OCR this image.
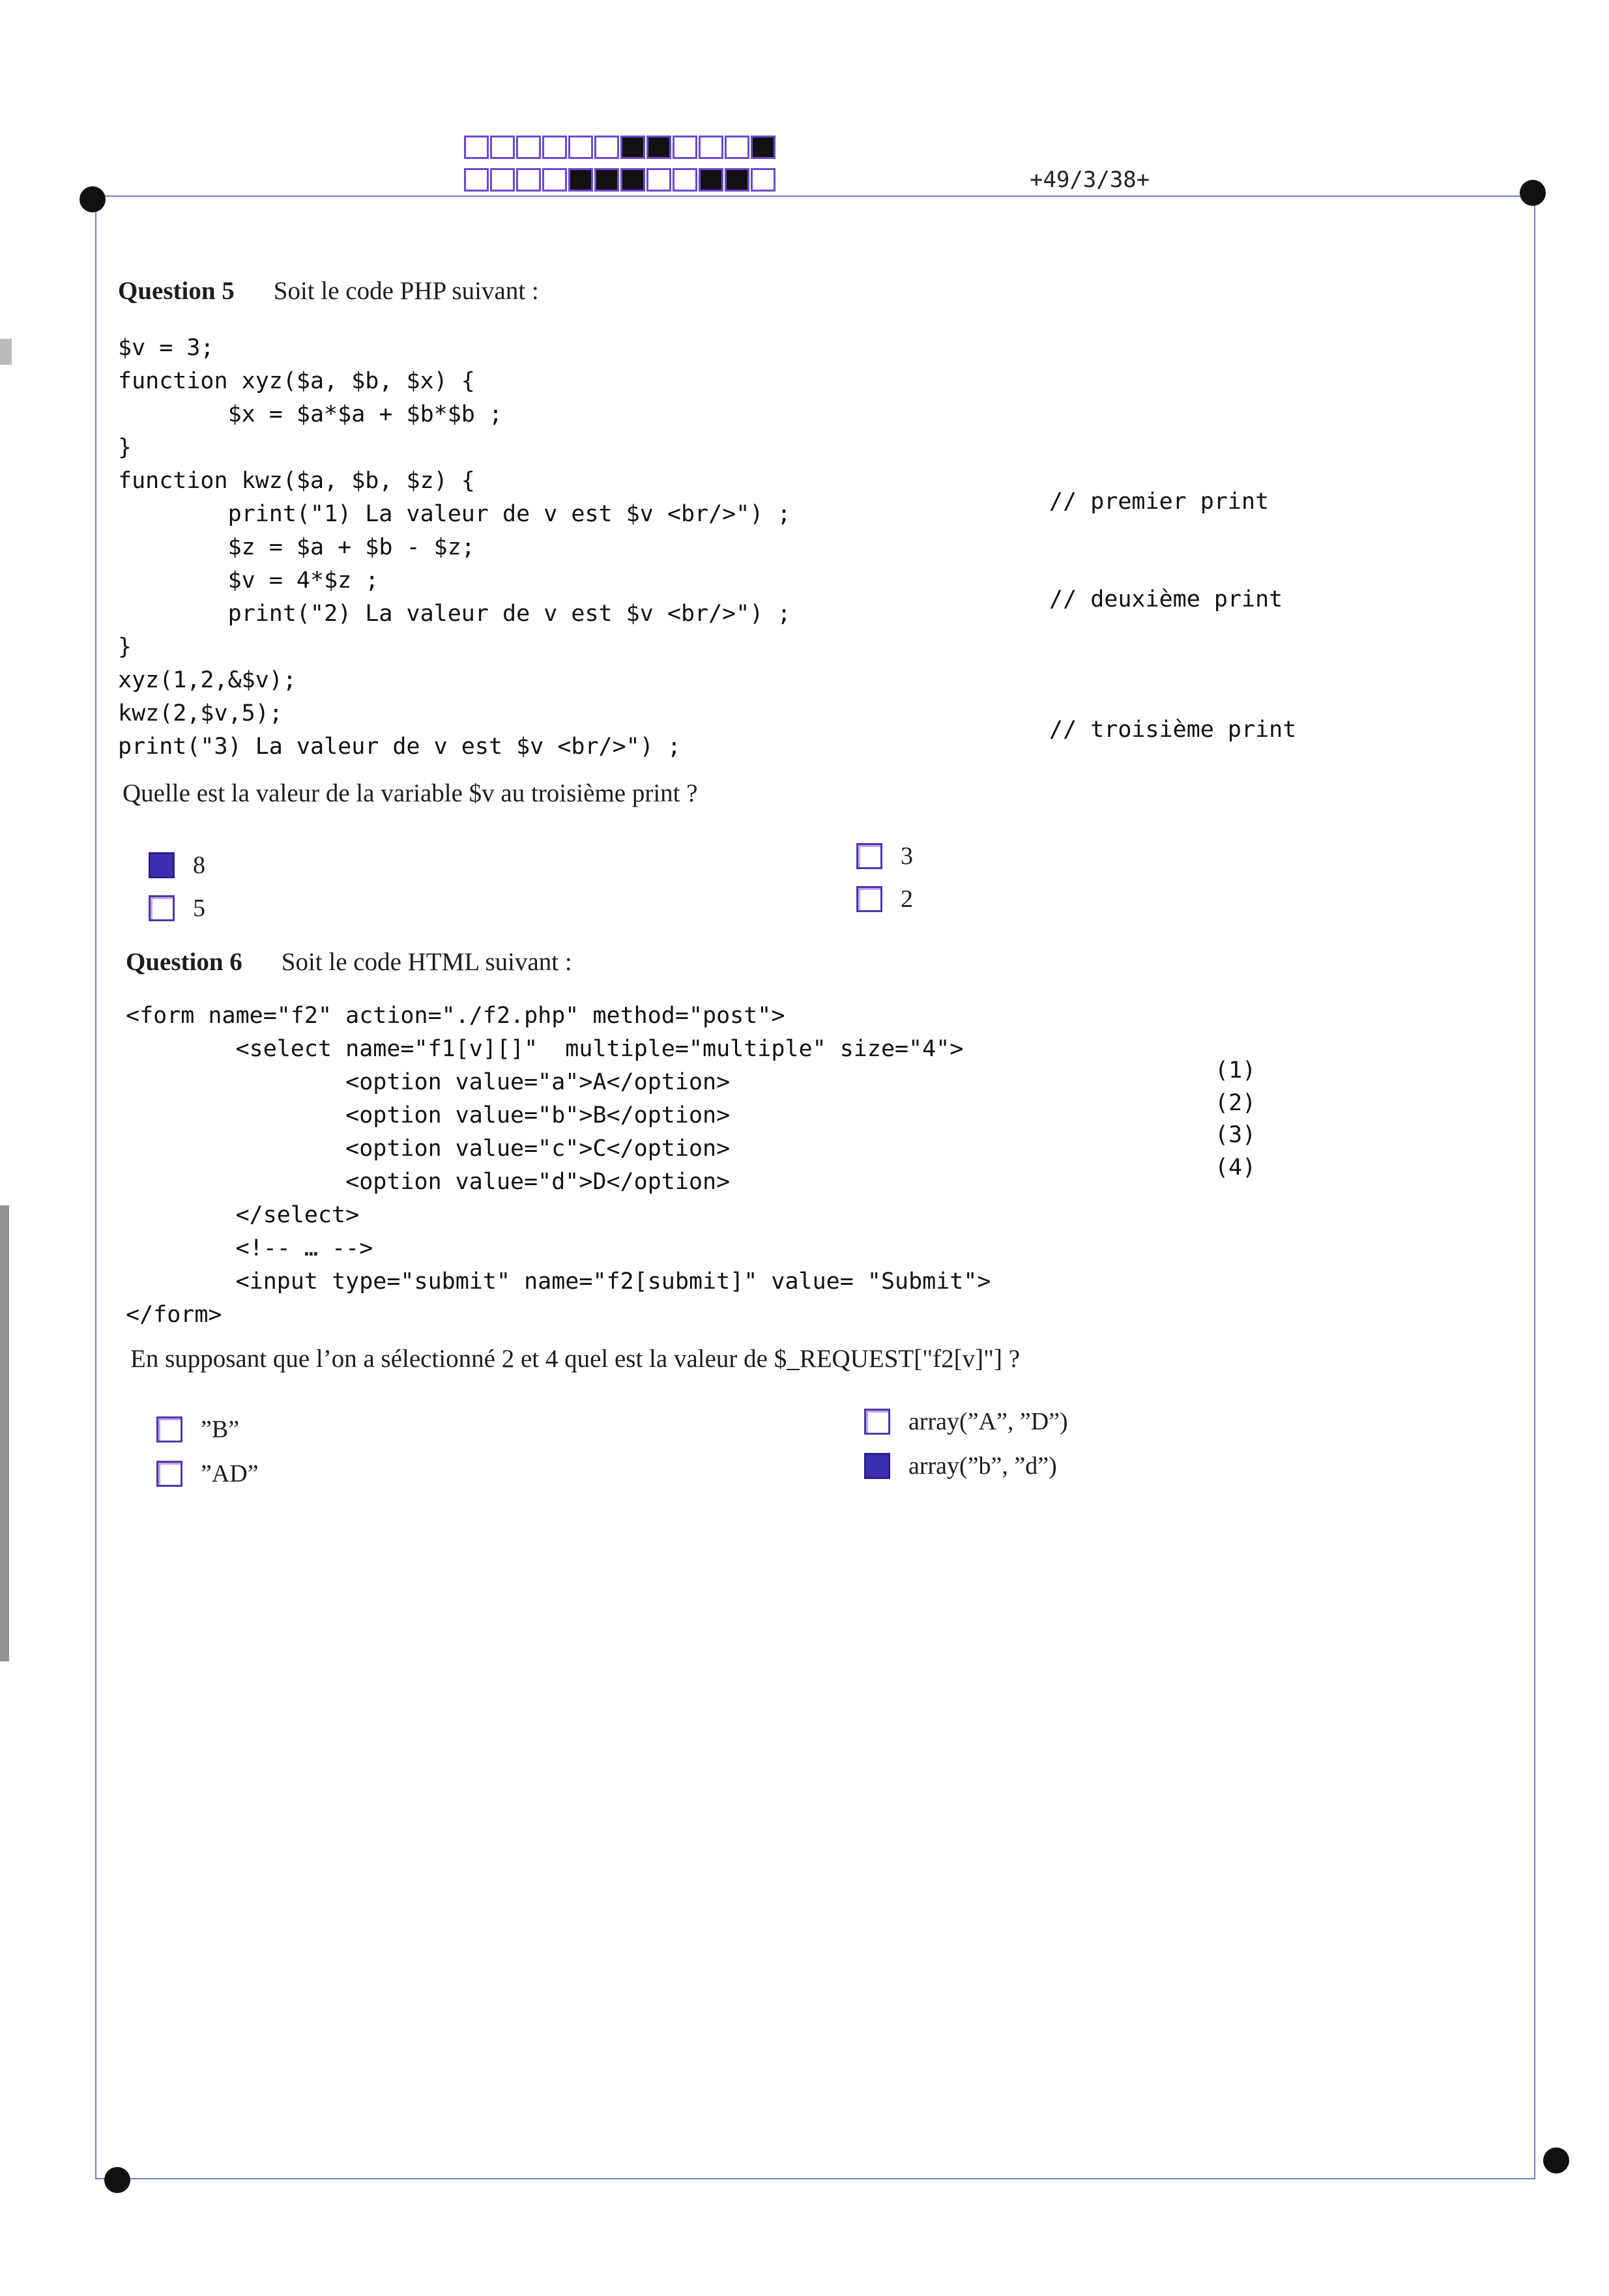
+49/3/38+
Question 5 Soit le code PHP suivant :
$v = 3;
function xyz($a, $b, $x) {
$x = $a*$a + $b*$b ;
}
function kwz($a, $b, $z) {
print("1) La valeur de v est $v <br/>") ;
$z = $a + $b - $z;
$v = 4*$z ;
print("2) La valeur de v est $v <br/>") ;
}
xyz(1,2,&$v);
kwz(2,$v,5);
print("3) La valeur de v est $v <br/>") ;
// premier print
// deuxième print
// troisième print
Quelle est la valeur de la variable $v au troisième print ?
8
5
3
2
Question 6 Soit le code HTML suivant :
<form name="f2" action="./f2.php" method="post">
<select name="f1[v][]"  multiple="multiple" size="4">
<option value="a">A</option>
<option value="b">B</option>
<option value="c">C</option>
<option value="d">D</option>
</select>
<!-- … -->
<input type="submit" name="f2[submit]" value= "Submit">
</form>
(1)
(2)
(3)
(4)
En supposant que l’on a sélectionné 2 et 4 quel est la valeur de $_REQUEST["f2[v]"] ?
”B”
”AD”
array(”A”, ”D”)
array(”b”, ”d”)
